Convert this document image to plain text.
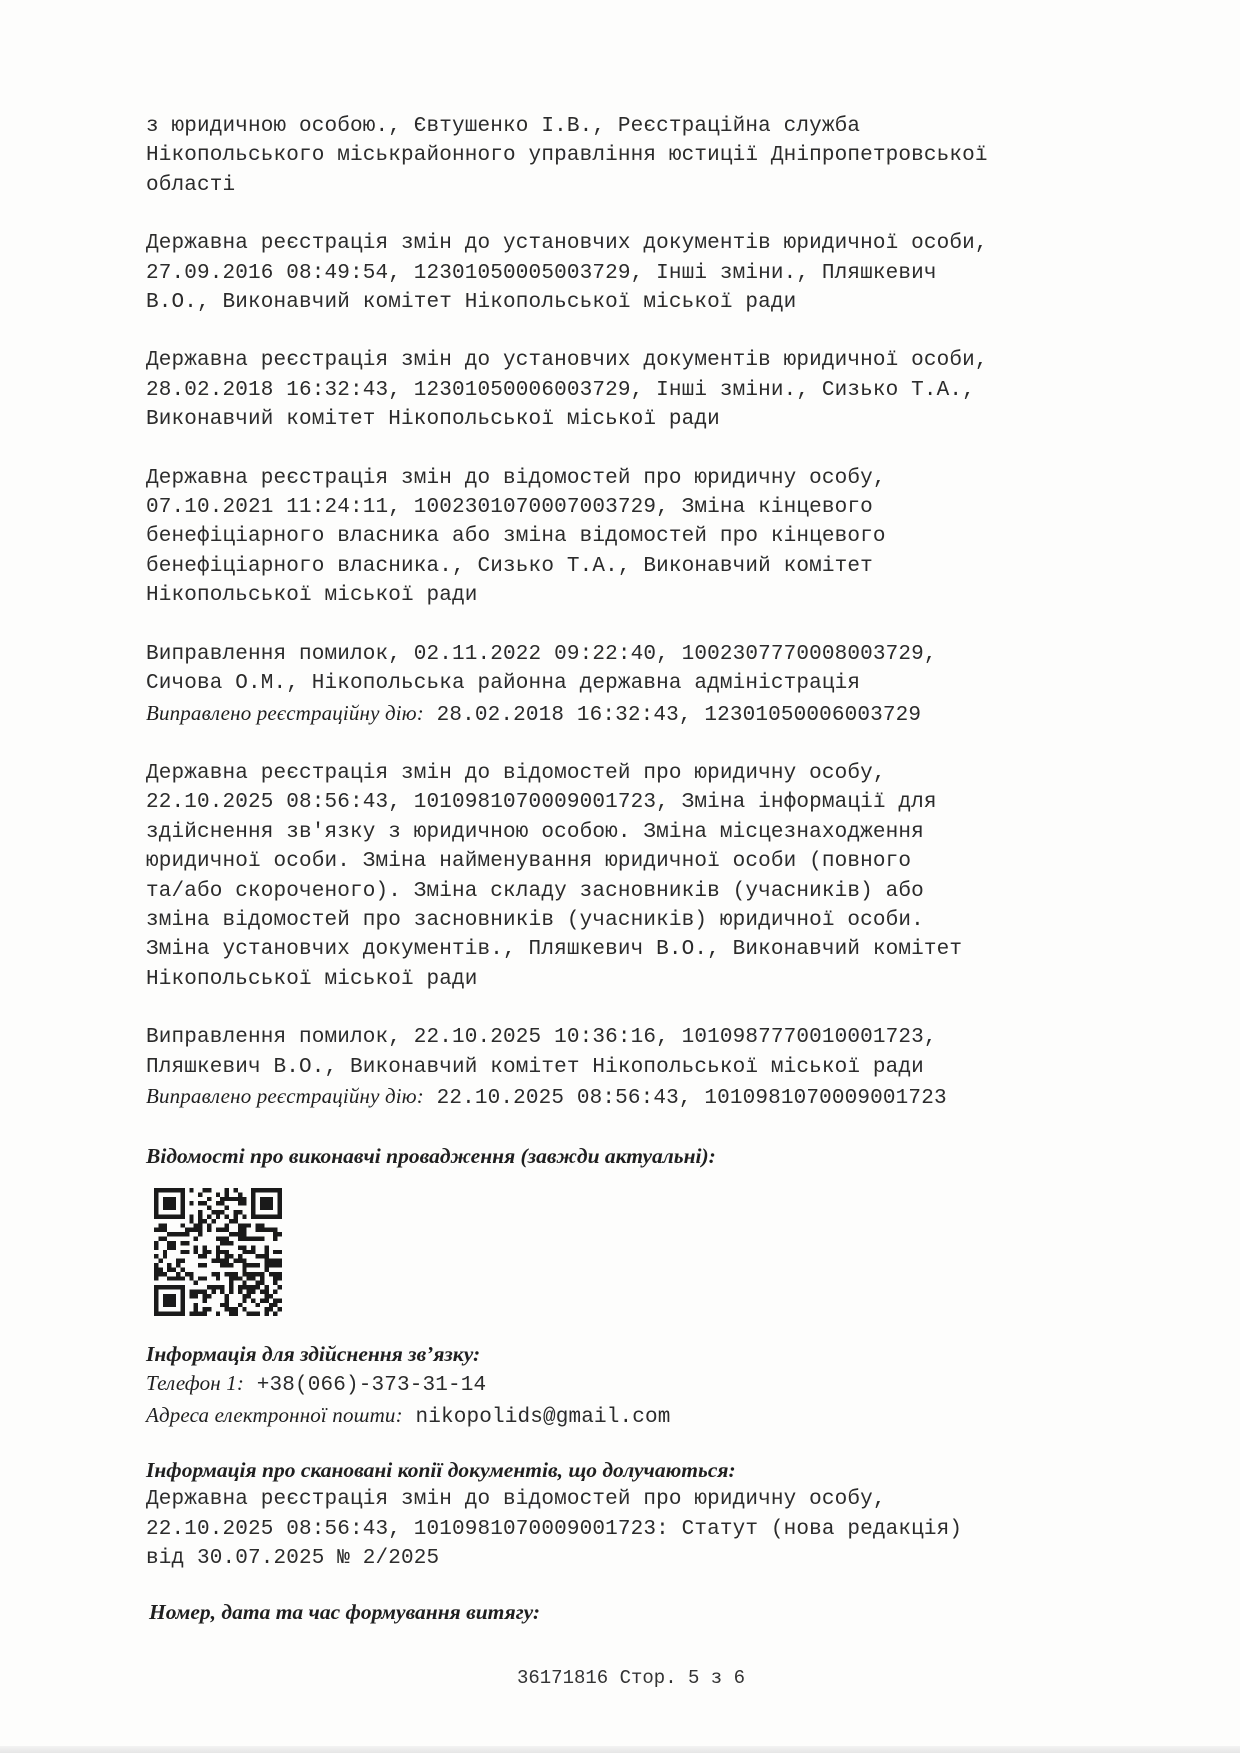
з юридичною особою., Євтушенко І.В., Реєстраційна служба
Нікопольського міськрайонного управління юстиції Дніпропетровської
області
Державна реєстрація змін до установчих документів юридичної особи,
27.09.2016 08:49:54, 12301050005003729, Інші зміни., Пляшкевич
В.О., Виконавчий комітет Нікопольської міської ради
Державна реєстрація змін до установчих документів юридичної особи,
28.02.2018 16:32:43, 12301050006003729, Інші зміни., Сизько Т.А.,
Виконавчий комітет Нікопольської міської ради
Державна реєстрація змін до відомостей про юридичну особу,
07.10.2021 11:24:11, 1002301070007003729, Зміна кінцевого
бенефіціарного власника або зміна відомостей про кінцевого
бенефіціарного власника., Сизько Т.А., Виконавчий комітет
Нікопольської міської ради
Виправлення помилок, 02.11.2022 09:22:40, 1002307770008003729,
Сичова О.М., Нікопольська районна державна адміністрація
Виправлено реєстраційну дію: 28.02.2018 16:32:43, 12301050006003729
Державна реєстрація змін до відомостей про юридичну особу,
22.10.2025 08:56:43, 1010981070009001723, Зміна інформації для
здійснення зв'язку з юридичною особою. Зміна місцезнаходження
юридичної особи. Зміна найменування юридичної особи (повного
та/або скороченого). Зміна складу засновників (учасників) або
зміна відомостей про засновників (учасників) юридичної особи.
Зміна установчих документів., Пляшкевич В.О., Виконавчий комітет
Нікопольської міської ради
Виправлення помилок, 22.10.2025 10:36:16, 1010987770010001723,
Пляшкевич В.О., Виконавчий комітет Нікопольської міської ради
Виправлено реєстраційну дію: 22.10.2025 08:56:43, 1010981070009001723
Відомості про виконавчі провадження (завжди актуальні):
Інформація для здійснення зв’язку:
Телефон 1: +38(066)-373-31-14
Адреса електронної пошти: nikopolids@gmail.com
Інформація про скановані копії документів, що долучаються:
Державна реєстрація змін до відомостей про юридичну особу,
22.10.2025 08:56:43, 1010981070009001723: Статут (нова редакція)
від 30.07.2025 № 2/2025
Номер, дата та час формування витягу:
36171816 Стор. 5 з 6
